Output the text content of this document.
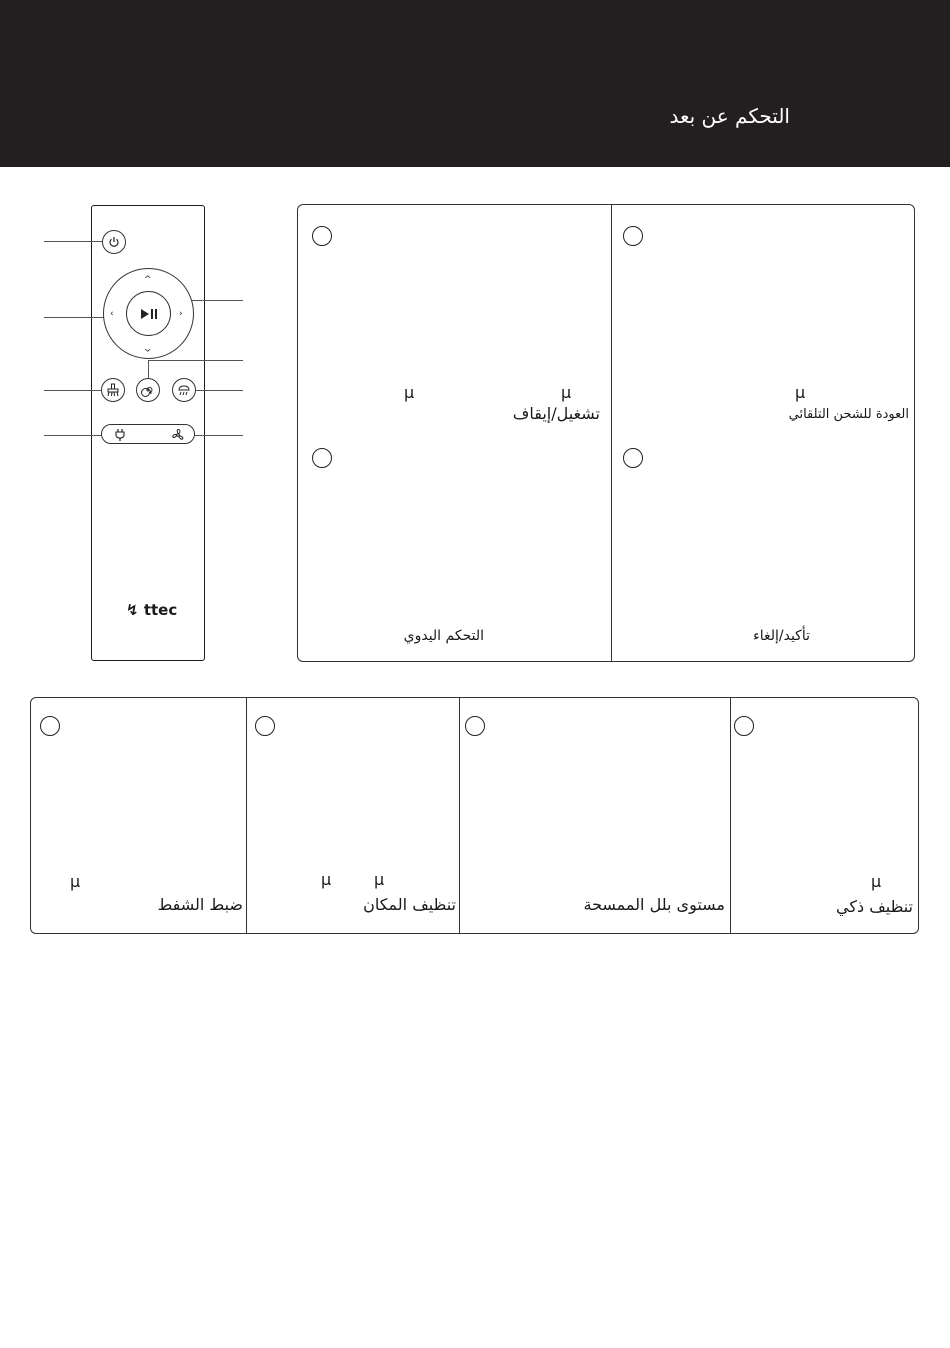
التحكم عن بعد
^
^
‹	›
↯ ttec
µ	µ
تشغيل/إيقاف
µ
العودة للشحن التلقائي
التحكم اليدوي	تأكيد/إلغاء
µ
ضبط الشفط
µ	µ
تنظيف المكان	مستوى بلل الممسحة
µ
تنظيف ذكي
